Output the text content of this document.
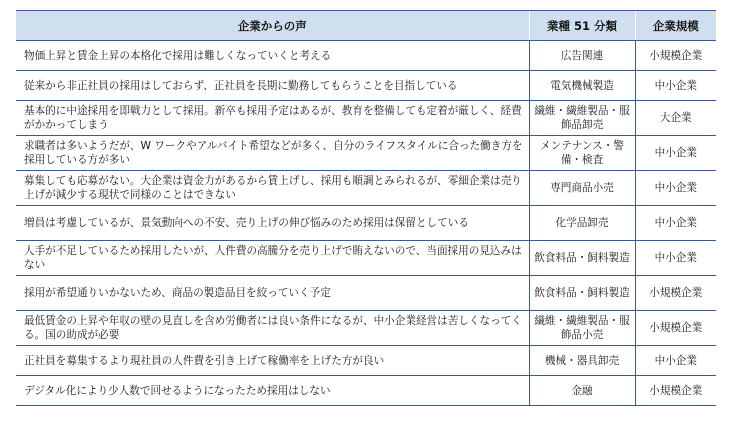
企業からの声	業種 51 分類	企業規模
物価上昇と賃金上昇の本格化で採用は難しくなっていくと考える	広告関連	小規模企業
従来から非正社員の採用はしておらず、正社員を長期に勤務してもらうことを目指している	電気機械製造	中小企業
基本的に中途採用を即戦力として採用。新卒も採用予定はあるが、教育を整備しても定着が厳しく、経費がかかってしまう	繊維・繊維製品・服飾品卸売	大企業
求職者は多いようだが、W ワークやアルバイト希望などが多く、自分のライフスタイルに合った働き方を採用している方が多い	メンテナンス・警備・検査	中小企業
募集しても応募がない。大企業は資金力があるから賃上げし、採用も順調とみられるが、零細企業は売り上げが減少する現状で同様のことはできない	専門商品小売	中小企業
増員は考慮しているが、景気動向への不安、売り上げの伸び悩みのため採用は保留としている	化学品卸売	中小企業
人手が不足しているため採用したいが、人件費の高騰分を売り上げで賄えないので、当面採用の見込みはない	飲食料品・飼料製造	中小企業
採用が希望通りいかないため、商品の製造品目を絞っていく予定	飲食料品・飼料製造	小規模企業
最低賃金の上昇や年収の壁の見直しを含め労働者には良い条件になるが、中小企業経営は苦しくなってくる。国の助成が必要	繊維・繊維製品・服飾品小売	小規模企業
正社員を募集するより現社員の人件費を引き上げて稼働率を上げた方が良い	機械・器具卸売	中小企業
デジタル化により少人数で回せるようになったため採用はしない	金融	小規模企業
